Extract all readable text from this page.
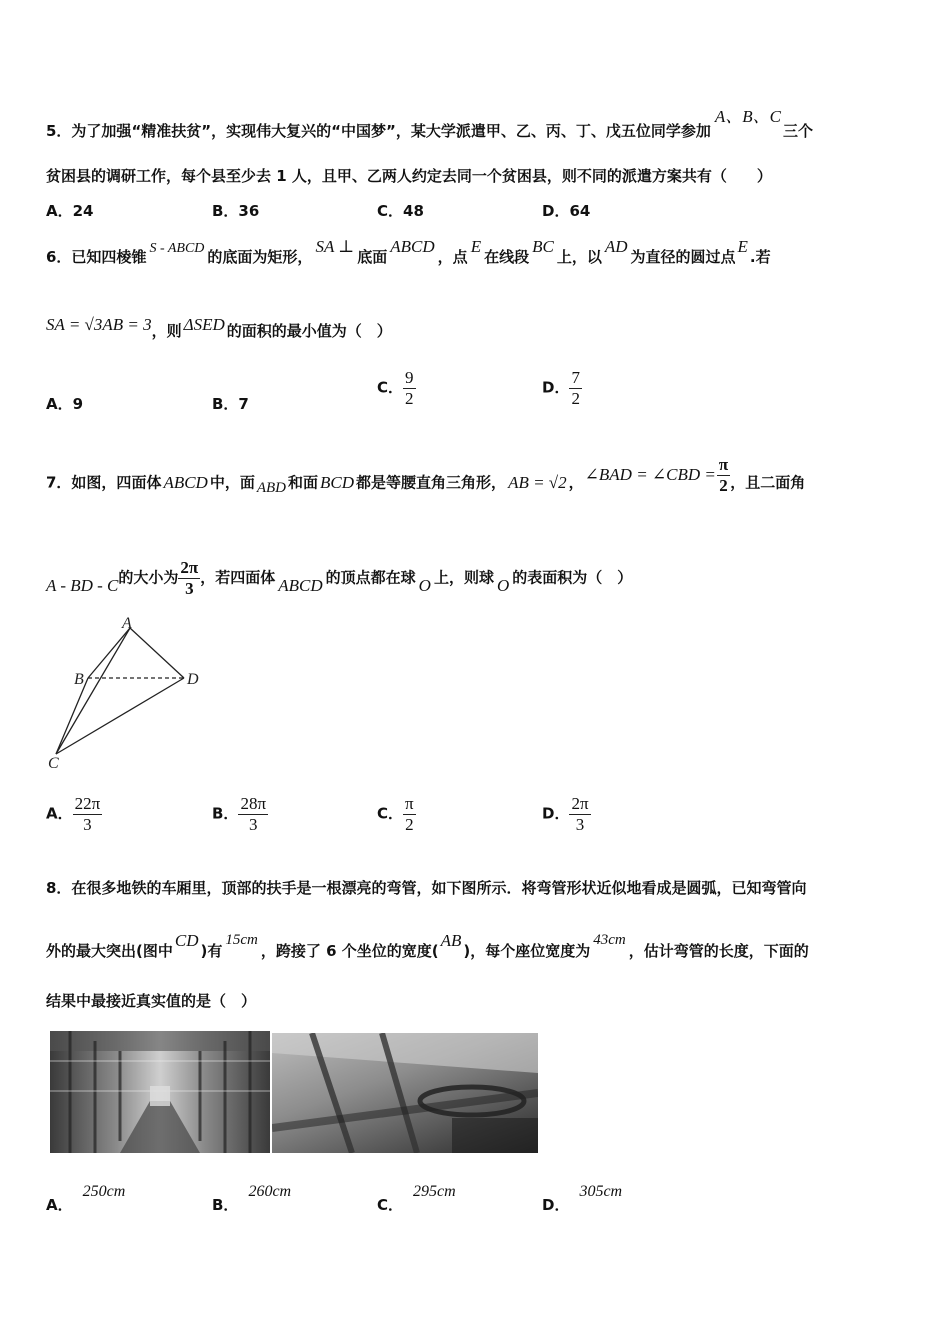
5．为了加强“精准扶贫”，实现伟大复兴的“中国梦”，某大学派遣甲、乙、丙、丁、戊五位同学参加A、B、C三个
贫困县的调研工作，每个县至少去 1 人，且甲、乙两人约定去同一个贫困县，则不同的派遣方案共有（　　）
A．24	B．36	C．48	D．64
6．已知四棱锥 S - ABCD 的底面为矩形，SA ⊥底面ABCD，点E在线段BC上，以AD为直径的圆过点E.若
SA = √3AB = 3，则 ΔSED 的面积的最小值为（　）
A．9	B．7
C． $\frac{9}{2}$	D． $\frac{7}{2}$
7．如图，四面体 ABCD 中，面 ABD 和面 BCD 都是等腰直角三角形， AB = √2 ，∠BAD = ∠CBD = $\frac{\pi}{2}$ ，且二面角
A - BD - C的大小为 $\frac{2\pi}{3}$ ，若四面体 ABCD 的顶点都在球 O 上，则球 O 的表面积为（　）
A
B	D
C
A． $\frac{22\pi}{3}$	B． $\frac{28\pi}{3}$	C． $\frac{\pi}{2}$	D． $\frac{2\pi}{3}$
8．在很多地铁的车厢里，顶部的扶手是一根漂亮的弯管，如下图所示．将弯管形状近似地看成是圆弧，已知弯管向
外的最大突出(图中CD)有15cm，跨接了 6 个坐位的宽度(AB)，每个座位宽度为43cm，估计弯管的长度，下面的
结果中最接近真实值的是（　）
A．250cm
B．260cm
C．295cm
D．305cm
